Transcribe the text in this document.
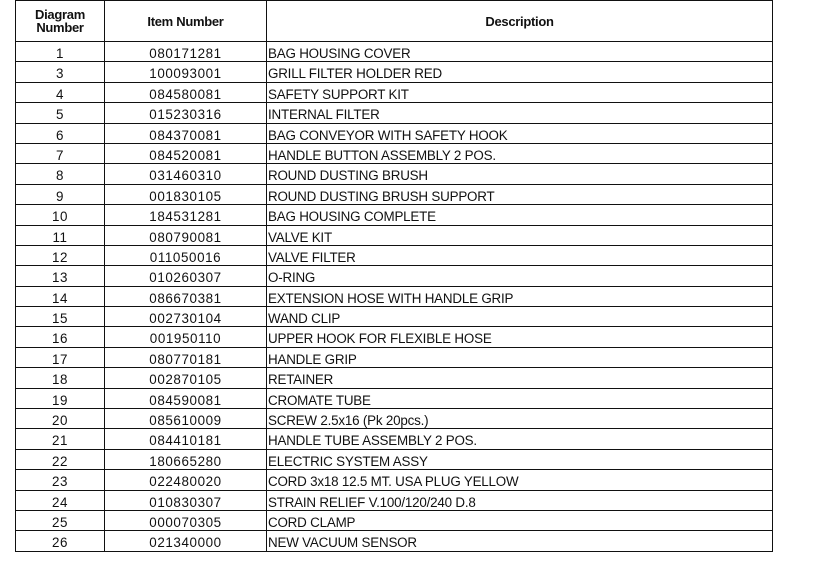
Diagram
Number	Item Number	Description
1	080171281	BAG HOUSING COVER
3	100093001	GRILL FILTER HOLDER RED
4	084580081	SAFETY SUPPORT KIT
5	015230316	INTERNAL FILTER
6	084370081	BAG CONVEYOR WITH SAFETY HOOK
7	084520081	HANDLE BUTTON ASSEMBLY 2 POS.
8	031460310	ROUND DUSTING BRUSH
9	001830105	ROUND DUSTING BRUSH SUPPORT
10	184531281	BAG HOUSING COMPLETE
11	080790081	VALVE KIT
12	011050016	VALVE FILTER
13	010260307	O-RING
14	086670381	EXTENSION HOSE WITH HANDLE GRIP
15	002730104	WAND CLIP
16	001950110	UPPER HOOK FOR FLEXIBLE HOSE
17	080770181	HANDLE GRIP
18	002870105	RETAINER
19	084590081	CROMATE TUBE
20	085610009	SCREW 2.5x16 (Pk 20pcs.)
21	084410181	HANDLE TUBE ASSEMBLY 2 POS.
22	180665280	ELECTRIC SYSTEM ASSY
23	022480020	CORD 3x18 12.5 MT. USA PLUG YELLOW
24	010830307	STRAIN RELIEF V.100/120/240 D.8
25	000070305	CORD CLAMP
26	021340000	NEW VACUUM SENSOR
